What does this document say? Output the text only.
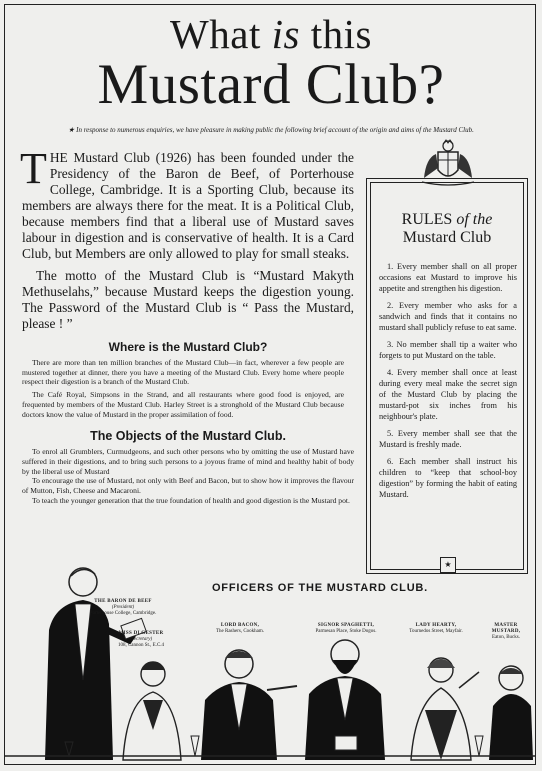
What is this
Mustard Club?
★ In response to numerous enquiries, we have pleasure in making public the following brief account of the origin and aims of the Mustard Club.

THE Mustard Club (1926) has been founded under the Presidency of the Baron de Beef, of Porterhouse College, Cambridge. It is a Sporting Club, because its members are always there for the meat. It is a Political Club, because members find that a liberal use of Mustard saves labour in digestion and is conservative of health. It is a Card Club, but Members are only allowed to play for small steaks.

The motto of the Mustard Club is “Mustard Makyth Methuselahs,” because Mustard keeps the digestion young. The Password of the Mustard Club is “ Pass the Mustard, please ! ”

Where is the Mustard Club?

There are more than ten million branches of the Mustard Club—in fact, wherever a few people are mustered together at dinner, there you have a meeting of the Mustard Club. Every home where people respect their digestion is a branch of the Mustard Club.

The Café Royal, Simpsons in the Strand, and all restaurants where good food is enjoyed, are frequented by members of the Mustard Club. Harley Street is a stronghold of the Mustard Club because doctors know the value of Mustard in the proper assimilation of food.

The Objects of the Mustard Club.

To enrol all Grumblers, Curmudgeons, and such other persons who by omitting the use of Mustard have suffered in their digestions, and to bring such persons to a joyous frame of mind and healthy habit of body by the liberal use of Mustard

To encourage the use of Mustard, not only with Beef and Bacon, but to show how it improves the flavour of Mutton, Fish, Cheese and Macaroni.

To teach the younger generation that the true foundation of health and good digestion is the Mustard pot.

RULES of the
Mustard Club

1. Every member shall on all proper occasions eat Mustard to improve his appetite and strengthen his digestion.

2. Every member who asks for a sandwich and finds that it contains no mustard shall publicly refuse to eat same.

3. No member shall tip a waiter who forgets to put Mustard on the table.

4. Every member shall once at least during every meal make the secret sign of the Mustard Club by placing the mustard-pot six inches from his neighbour's plate.

5. Every member shall see that the Mustard is freshly made.

6. Each member shall instruct his children to “keep that school-boy digestion” by forming the habit of eating Mustard.

★
OFFICERS OF THE MUSTARD CLUB.
THE BARON DE BEEF
(President)
Porterhouse College, Cambridge.
MISS DI GESTER
(Secretary)
108, Cannon St., E.C.4
LORD BACON,
The Rashers, Cookham.
SIGNOR SPAGHETTI,
Parmesan Place, Stoke Dogos.
LADY HEARTY,
Tournedos Street, Mayfair.
MASTER MUSTARD,
Eaton, Bucks.
